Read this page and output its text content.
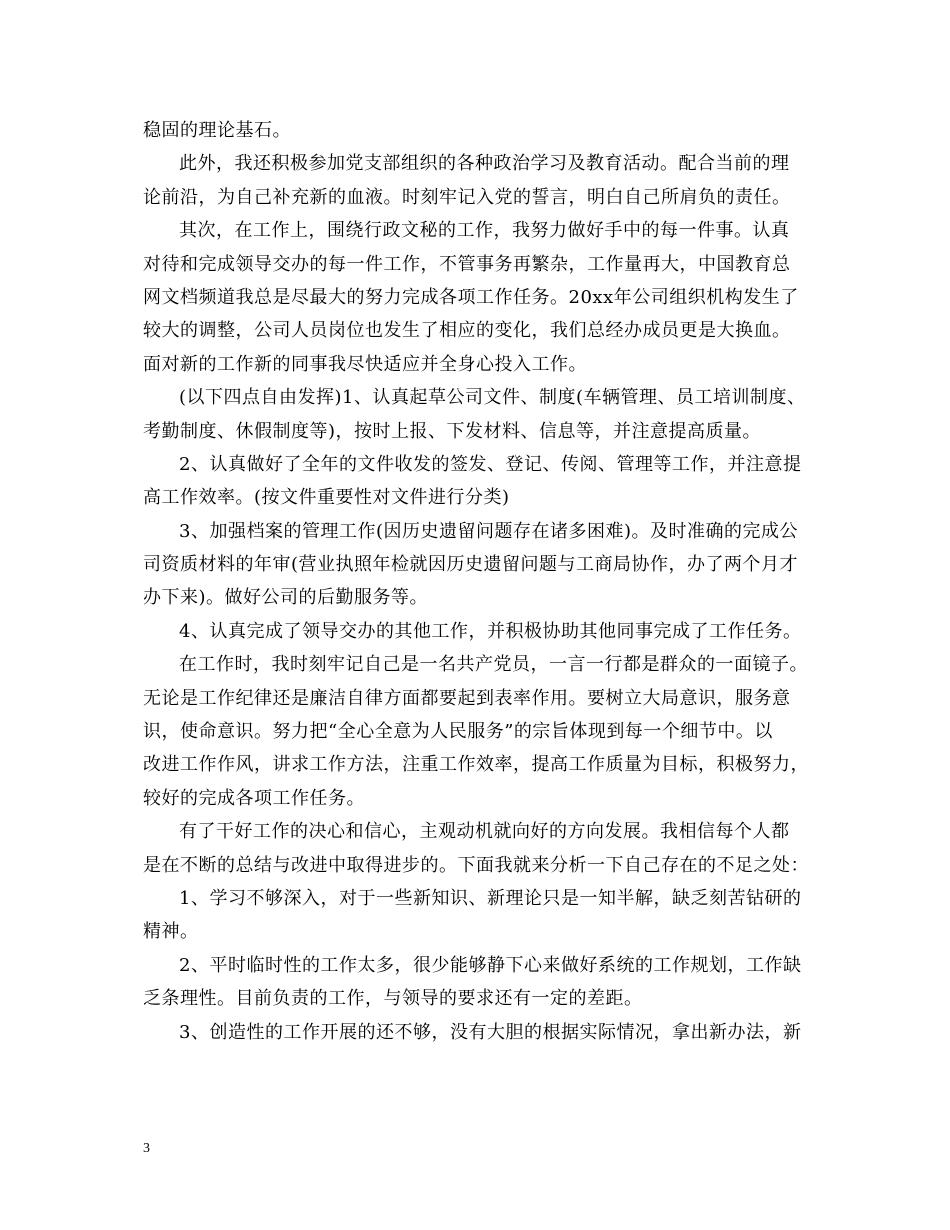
稳固的理论基石。
此外，我还积极参加党支部组织的各种政治学习及教育活动。配合当前的理
论前沿，为自己补充新的血液。时刻牢记入党的誓言，明白自己所肩负的责任。
其次，在工作上，围绕行政文秘的工作，我努力做好手中的每一件事。认真
对待和完成领导交办的每一件工作，不管事务再繁杂，工作量再大，中国教育总
网文档频道我总是尽最大的努力完成各项工作任务。20xx年公司组织机构发生了
较大的调整，公司人员岗位也发生了相应的变化，我们总经办成员更是大换血。
面对新的工作新的同事我尽快适应并全身心投入工作。
(以下四点自由发挥)1、认真起草公司文件、制度(车辆管理、员工培训制度、
考勤制度、休假制度等)，按时上报、下发材料、信息等，并注意提高质量。
2、认真做好了全年的文件收发的签发、登记、传阅、管理等工作，并注意提
高工作效率。(按文件重要性对文件进行分类)
3、加强档案的管理工作(因历史遗留问题存在诸多困难)。及时准确的完成公
司资质材料的年审(营业执照年检就因历史遗留问题与工商局协作，办了两个月才
办下来)。做好公司的后勤服务等。
4、认真完成了领导交办的其他工作，并积极协助其他同事完成了工作任务。
在工作时，我时刻牢记自己是一名共产党员，一言一行都是群众的一面镜子。
无论是工作纪律还是廉洁自律方面都要起到表率作用。要树立大局意识，服务意
识，使命意识。努力把“全心全意为人民服务”的宗旨体现到每一个细节中。以
改进工作作风，讲求工作方法，注重工作效率，提高工作质量为目标，积极努力，
较好的完成各项工作任务。
有了干好工作的决心和信心，主观动机就向好的方向发展。我相信每个人都
是在不断的总结与改进中取得进步的。下面我就来分析一下自己存在的不足之处：
1、学习不够深入，对于一些新知识、新理论只是一知半解，缺乏刻苦钻研的
精神。
2、平时临时性的工作太多，很少能够静下心来做好系统的工作规划，工作缺
乏条理性。目前负责的工作，与领导的要求还有一定的差距。
3、创造性的工作开展的还不够，没有大胆的根据实际情况，拿出新办法，新
3
